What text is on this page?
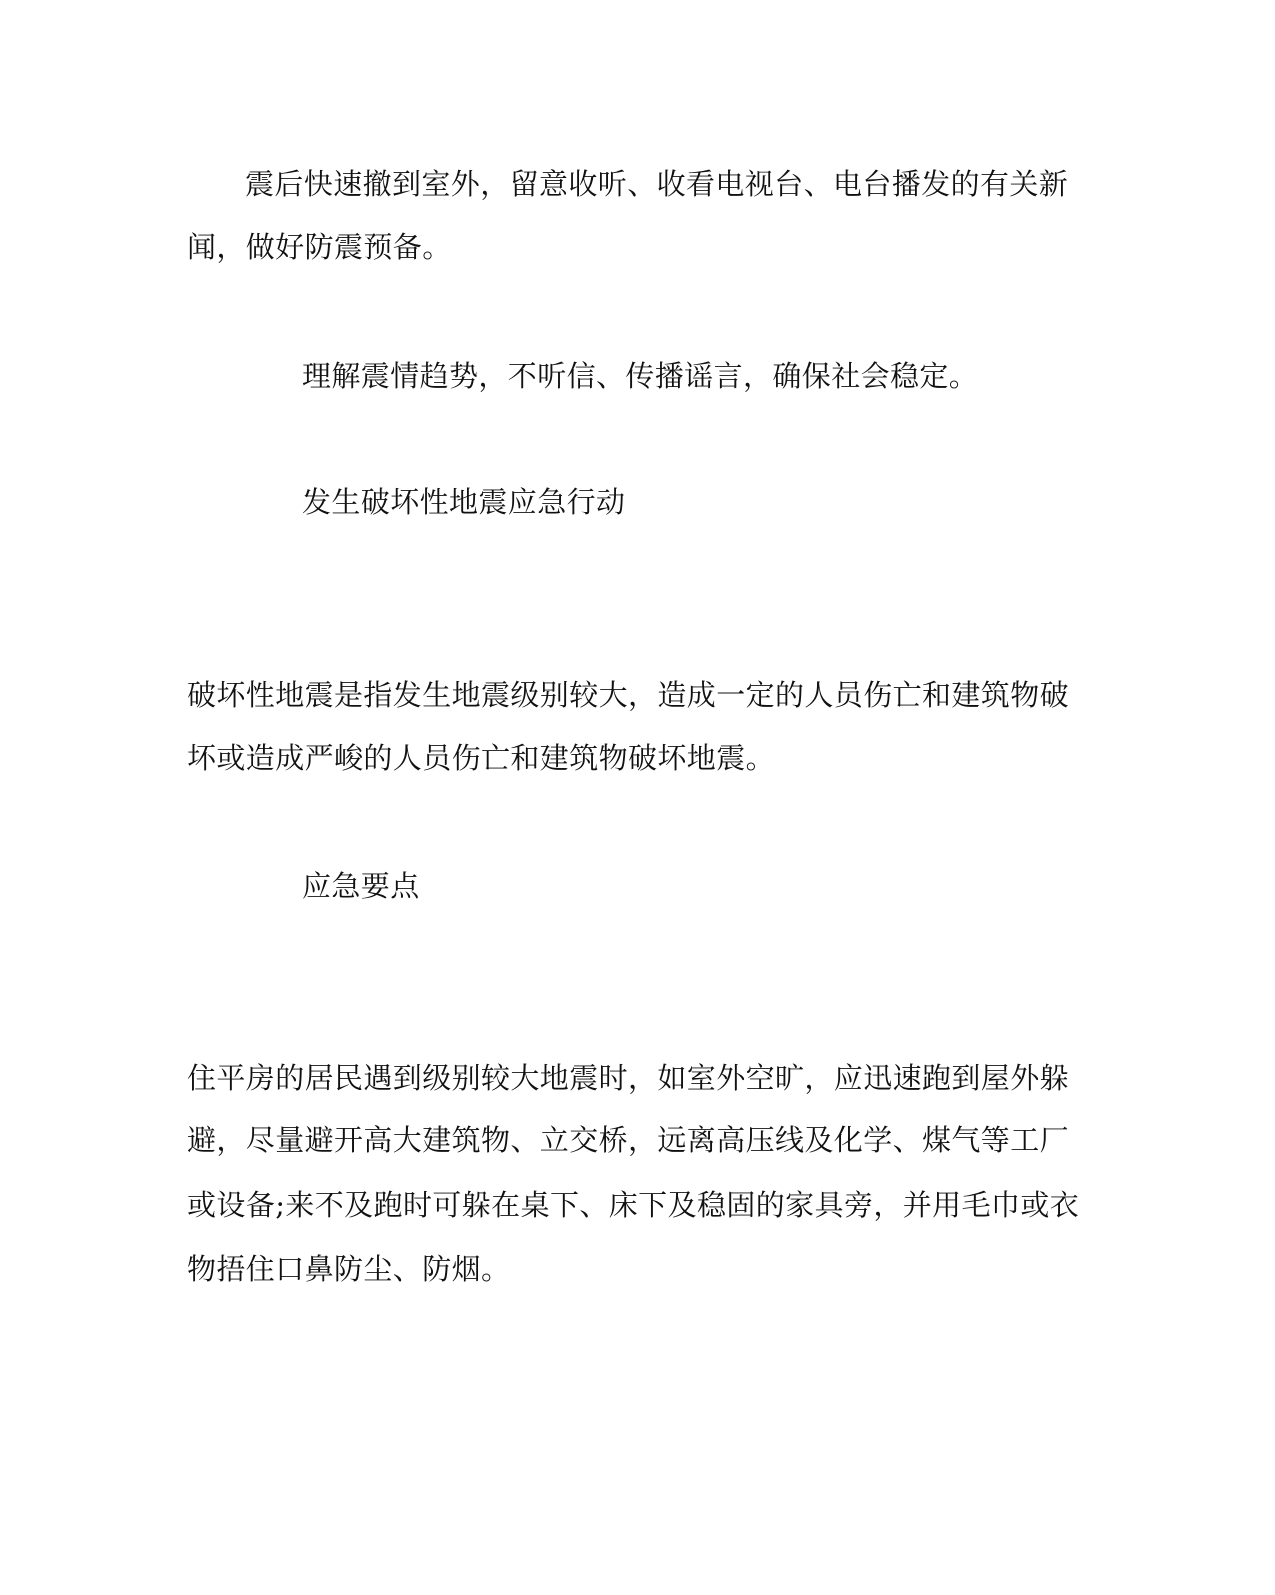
震后快速撤到室外，留意收听、收看电视台、电台播发的有关新
闻，做好防震预备。
理解震情趋势，不听信、传播谣言，确保社会稳定。
发生破坏性地震应急行动
破坏性地震是指发生地震级别较大，造成一定的人员伤亡和建筑物破
坏或造成严峻的人员伤亡和建筑物破坏地震。
应急要点
住平房的居民遇到级别较大地震时，如室外空旷，应迅速跑到屋外躲
避，尽量避开高大建筑物、立交桥，远离高压线及化学、煤气等工厂
或设备;来不及跑时可躲在桌下、床下及稳固的家具旁，并用毛巾或衣
物捂住口鼻防尘、防烟。
